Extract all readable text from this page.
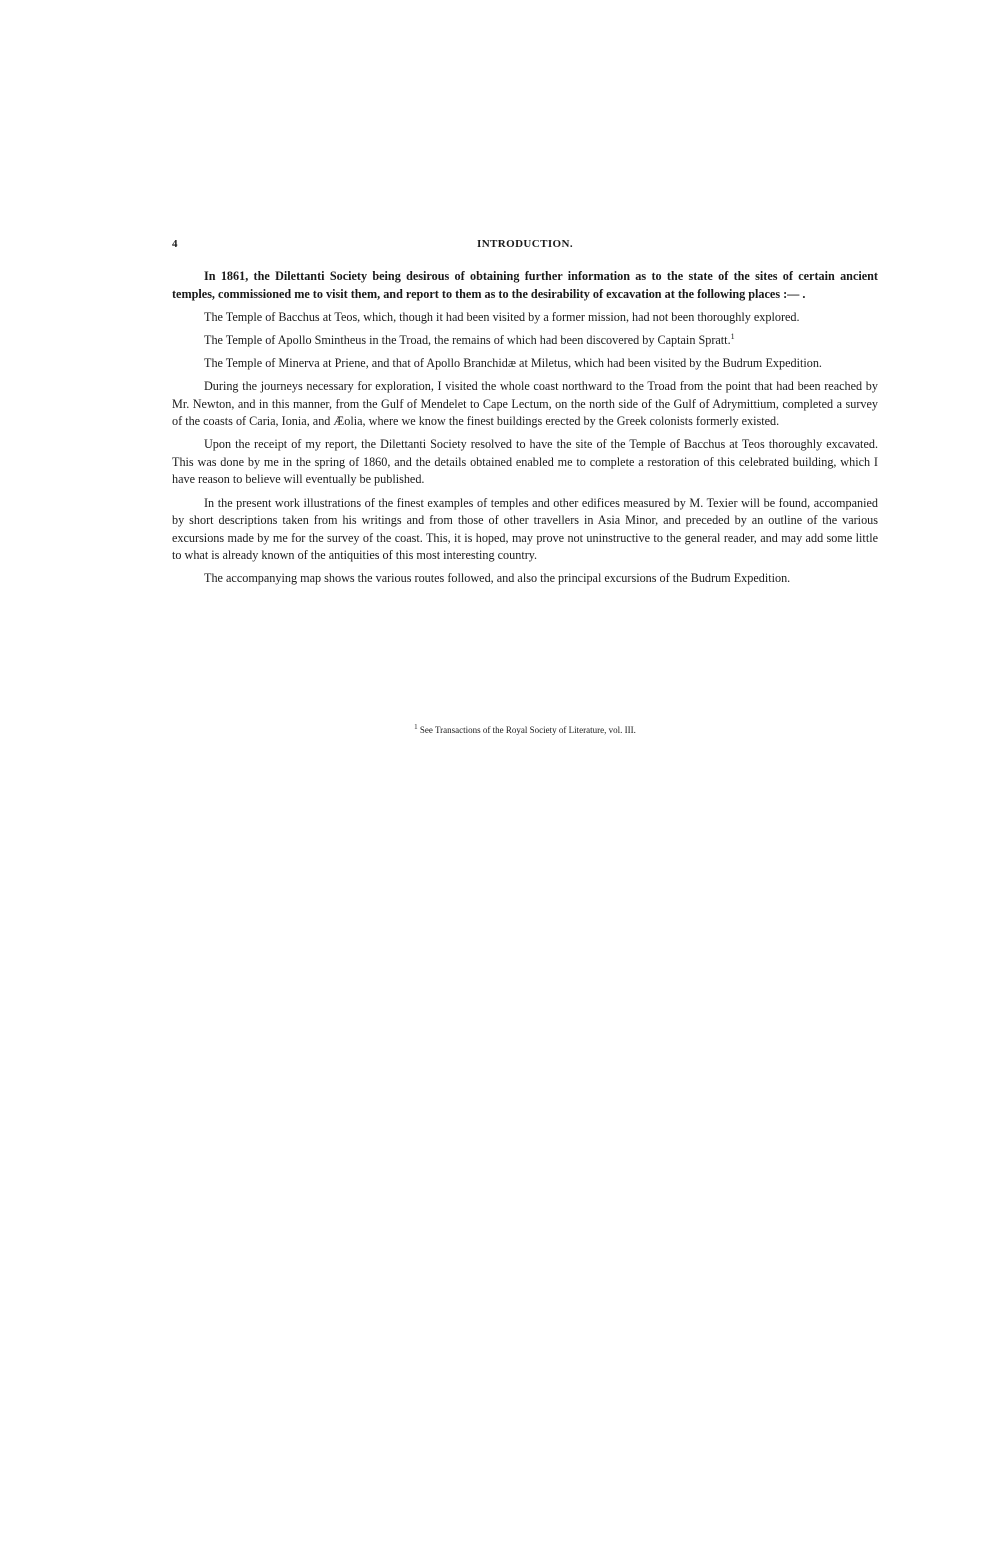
4	INTRODUCTION.

In 1861, the Dilettanti Society being desirous of obtaining further information as to the state of the sites of certain ancient temples, commissioned me to visit them, and report to them as to the desirability of excavation at the following places :— .

The Temple of Bacchus at Teos, which, though it had been visited by a former mission, had not been thoroughly explored.

The Temple of Apollo Smintheus in the Troad, the remains of which had been discovered by Captain Spratt.$^1$

The Temple of Minerva at Priene, and that of Apollo Branchidæ at Miletus, which had been visited by the Budrum Expedition.

During the journeys necessary for exploration, I visited the whole coast northward to the Troad from the point that had been reached by Mr. Newton, and in this manner, from the Gulf of Mendelet to Cape Lectum, on the north side of the Gulf of Adrymittium, completed a survey of the coasts of Caria, Ionia, and Æolia, where we know the finest buildings erected by the Greek colonists formerly existed.

Upon the receipt of my report, the Dilettanti Society resolved to have the site of the Temple of Bacchus at Teos thoroughly excavated. This was done by me in the spring of 1860, and the details obtained enabled me to complete a restoration of this celebrated building, which I have reason to believe will eventually be published.

In the present work illustrations of the finest examples of temples and other edifices measured by M. Texier will be found, accompanied by short descriptions taken from his writings and from those of other travellers in Asia Minor, and preceded by an outline of the various excursions made by me for the survey of the coast. This, it is hoped, may prove not uninstructive to the general reader, and may add some little to what is already known of the antiquities of this most interesting country.

The accompanying map shows the various routes followed, and also the principal excursions of the Budrum Expedition.

$^1$ See Transactions of the Royal Society of Literature, vol. III.
